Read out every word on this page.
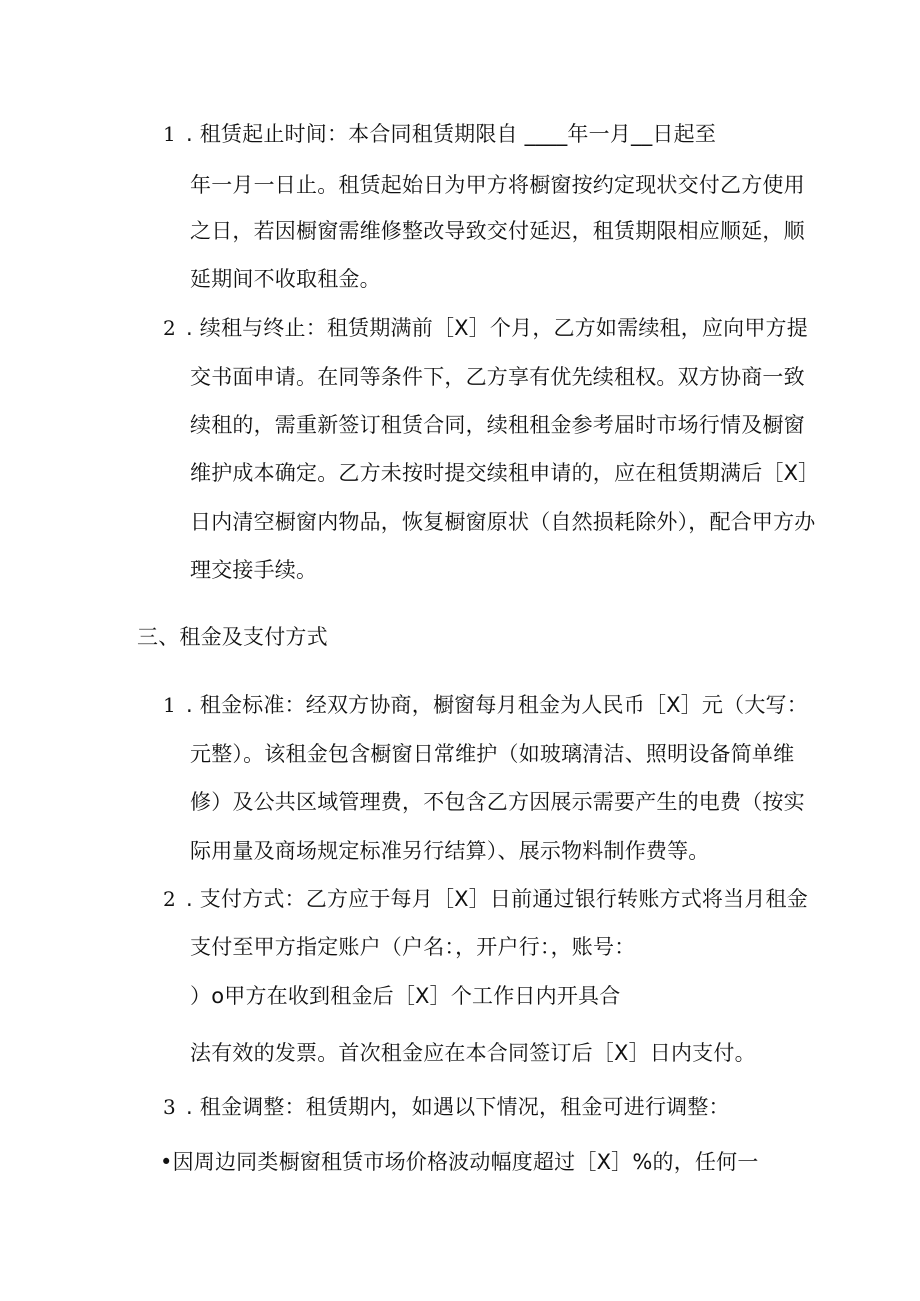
1 . 租赁起止时间：本合同租赁期限自 ____年一月__日起至
年一月一日止。租赁起始日为甲方将橱窗按约定现状交付乙方使用
之日，若因橱窗需维修整改导致交付延迟，租赁期限相应顺延，顺
延期间不收取租金。
2 . 续租与终止：租赁期满前［X］个月，乙方如需续租，应向甲方提
交书面申请。在同等条件下，乙方享有优先续租权。双方协商一致
续租的，需重新签订租赁合同，续租租金参考届时市场行情及橱窗
维护成本确定。乙方未按时提交续租申请的，应在租赁期满后［X］
日内清空橱窗内物品，恢复橱窗原状（自然损耗除外），配合甲方办
理交接手续。
三、租金及支付方式
1 . 租金标准：经双方协商，橱窗每月租金为人民币［X］元（大写：
元整）。该租金包含橱窗日常维护（如玻璃清洁、照明设备简单维
修）及公共区域管理费，不包含乙方因展示需要产生的电费（按实
际用量及商场规定标准另行结算）、展示物料制作费等。
2 . 支付方式：乙方应于每月［X］日前通过银行转账方式将当月租金
支付至甲方指定账户（户名：，开户行：，账号：
）o甲方在收到租金后［X］个工作日内开具合
法有效的发票。首次租金应在本合同签订后［X］日内支付。
3 . 租金调整：租赁期内，如遇以下情况，租金可进行调整：
•因周边同类橱窗租赁市场价格波动幅度超过［X］%的，任何一
